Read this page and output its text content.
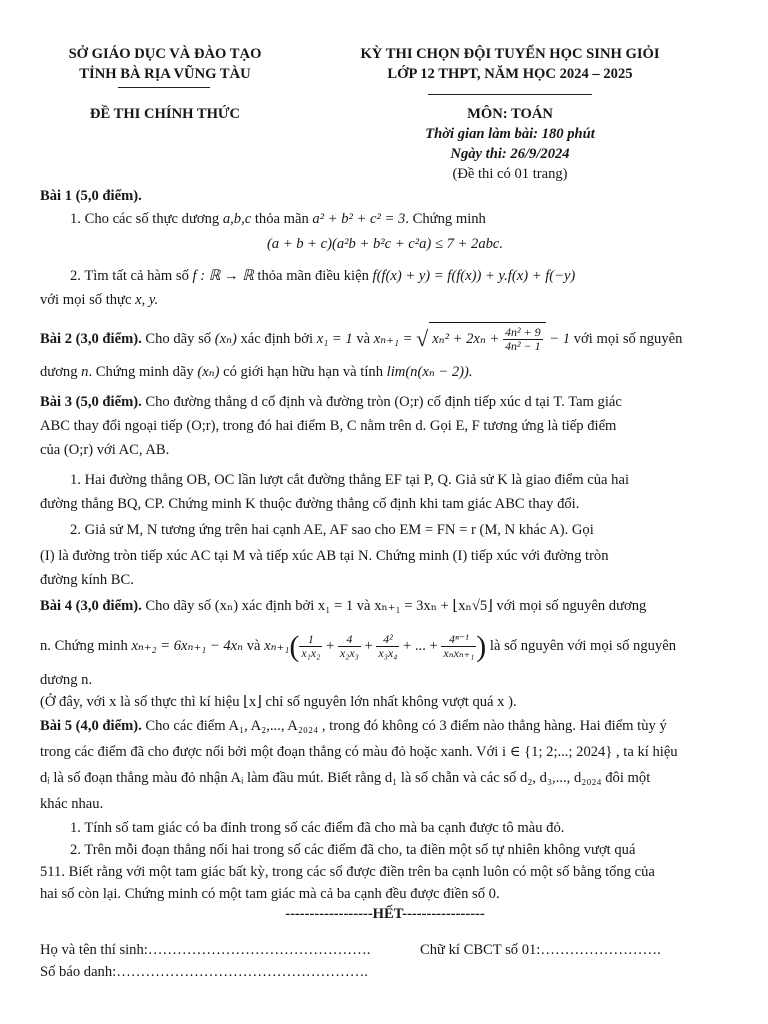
SỞ GIÁO DỤC VÀ ĐÀO TẠO
TỈNH BÀ RỊA VŨNG TÀU
ĐỀ THI CHÍNH THỨC
KỲ THI CHỌN ĐỘI TUYỂN HỌC SINH GIỎI
LỚP 12 THPT, NĂM HỌC 2024 – 2025
MÔN: TOÁN
Thời gian làm bài: 180 phút
Ngày thi: 26/9/2024
(Đề thi có 01 trang)
Bài 1 (5,0 điểm).
1. Cho các số thực dương a,b,c thỏa mãn a² + b² + c² = 3. Chứng minh
(a + b + c)(a²b + b²c + c²a) ≤ 7 + 2abc.
2. Tìm tất cả hàm số f : ℝ → ℝ thỏa mãn điều kiện f(f(x) + y) = f(f(x)) + y.f(x) + f(−y)
với mọi số thực x, y.
Bài 2 (3,0 điểm). Cho dãy số (xₙ) xác định bởi x₁ = 1 và xₙ₊₁ = √ $x_n^2 + 2x_n + \frac{\text{4n² + 9}}{\text{4n² − 1}} - 1$ với mọi số nguyên
dương n. Chứng minh dãy (xₙ) có giới hạn hữu hạn và tính lim(n(xₙ − 2)).
Bài 3 (5,0 điểm). Cho đường thẳng d cố định và đường tròn (O;r) cố định tiếp xúc d tại T. Tam giác
ABC thay đổi ngoại tiếp (O;r), trong đó hai điểm B, C nằm trên d. Gọi E, F tương ứng là tiếp điểm
của (O;r) với AC, AB.
1. Hai đường thẳng OB, OC lần lượt cắt đường thẳng EF tại P, Q. Giả sử K là giao điểm của hai
đường thẳng BQ, CP. Chứng minh K thuộc đường thẳng cố định khi tam giác ABC thay đổi.
2. Giả sử M, N tương ứng trên hai cạnh AE, AF sao cho EM = FN = r (M, N khác A). Gọi
(I) là đường tròn tiếp xúc AC tại M và tiếp xúc AB tại N. Chứng minh (I) tiếp xúc với đường tròn
đường kính BC.
Bài 4 (3,0 điểm). Cho dãy số (xₙ) xác định bởi x₁ = 1 và xₙ₊₁ = 3xₙ + ⌊xₙ√5⌋ với mọi số nguyên dương
n. Chứng minh xₙ₊₂ = 6xₙ₊₁ − 4xₙ và $x_{n+1}( \frac{1}{\text{x₁x₂}} + \frac{4}{\text{x₂x₃}} + \frac{\text{4²}}{\text{x₃x₄}}$ + ... + $\frac{\text{4ⁿ⁻¹}}{\text{xₙxₙ₊₁}}$ ) là số nguyên với mọi số nguyên
dương n.
(Ở đây, với x là số thực thì kí hiệu ⌊x⌋ chỉ số nguyên lớn nhất không vượt quá x ).
Bài 5 (4,0 điểm). Cho các điểm A₁, A₂,..., A₂₀₂₄ , trong đó không có 3 điểm nào thẳng hàng. Hai điểm tùy ý
trong các điểm đã cho được nối bởi một đoạn thẳng có màu đỏ hoặc xanh. Với i ∈ {1; 2;...; 2024} , ta kí hiệu
dᵢ là số đoạn thẳng màu đỏ nhận Aᵢ làm đầu mút. Biết rằng d₁ là số chẵn và các số d₂, d₃,..., d₂₀₂₄ đôi một
khác nhau.
1. Tính số tam giác có ba đỉnh trong số các điểm đã cho mà ba cạnh được tô màu đỏ.
2. Trên mỗi đoạn thẳng nối hai trong số các điểm đã cho, ta điền một số tự nhiên không vượt quá
511. Biết rằng với một tam giác bất kỳ, trong các số được điền trên ba cạnh luôn có một số bằng tổng của
hai số còn lại. Chứng minh có một tam giác mà cả ba cạnh đều được điền số 0.
------------------HẾT-----------------
Họ và tên thí sinh:……………………………………….	Chữ kí CBCT số 01:…………………….
Số báo danh:…………………………………………….
